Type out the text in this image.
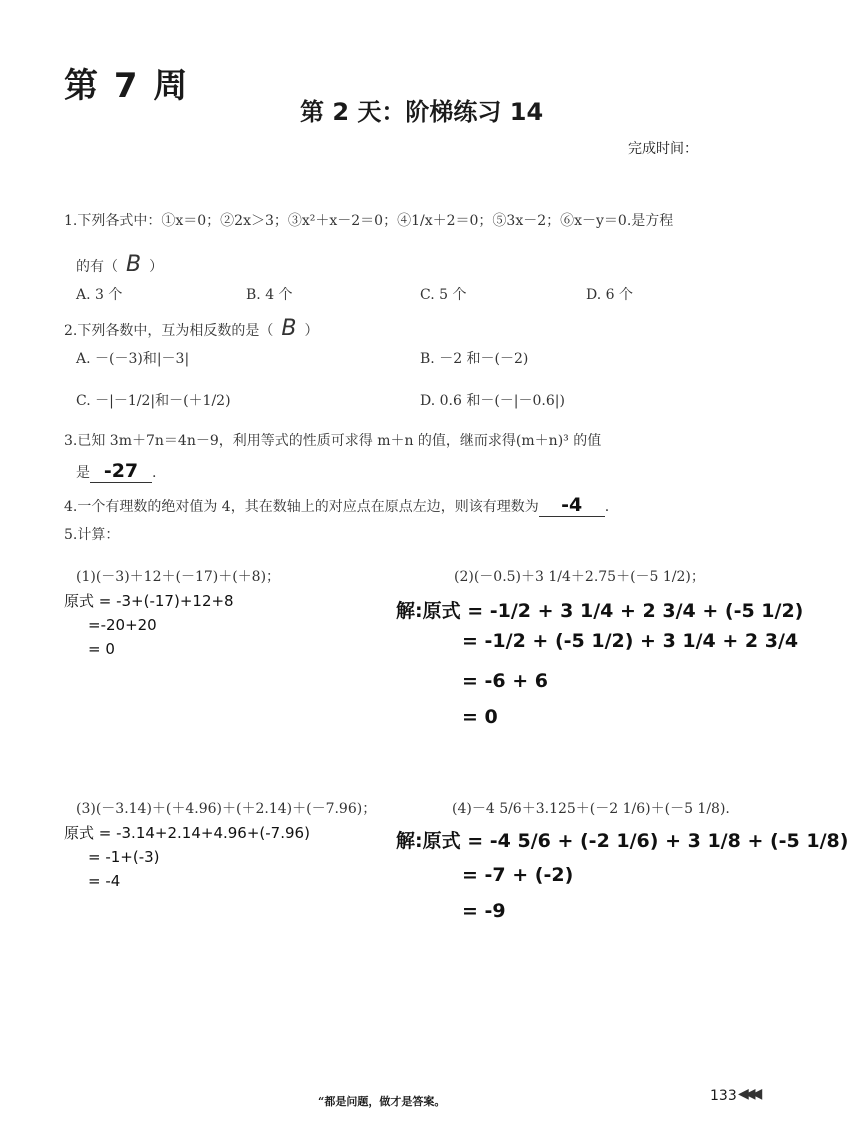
第 7 周
第 2 天：阶梯练习 14
完成时间：
1.下列各式中：①x＝0；②2x＞3；③x²＋x－2＝0；④1/x＋2＝0；⑤3x－2；⑥x－y＝0.是方程
的有（ B ）
A. 3 个	B. 4 个	C. 5 个	D. 6 个
2.下列各数中，互为相反数的是（ B ）
A. －(－3)和|－3|	B. －2 和－(－2)
C. －|－1/2|和－(＋1/2)	D. 0.6 和－(－|－0.6|)
3.已知 3m＋7n＝4n－9，利用等式的性质可求得 m＋n 的值，继而求得(m＋n)³ 的值
是 -27 .
4.一个有理数的绝对值为 4，其在数轴上的对应点在原点左边，则该有理数为 -4 .
5.计算：
(1)(－3)＋12＋(－17)＋(＋8)；
原式 = -3+(-17)+12+8
=-20+20
= 0
(2)(－0.5)＋3 1/4＋2.75＋(－5 1/2)；
解:原式 = -1/2 + 3 1/4 + 2 3/4 + (-5 1/2)
= -1/2 + (-5 1/2) + 3 1/4 + 2 3/4
= -6 + 6
= 0
(3)(－3.14)＋(＋4.96)＋(＋2.14)＋(－7.96)；
原式 = -3.14+2.14+4.96+(-7.96)
= -1+(-3)
= -4
(4)－4 5/6＋3.125＋(－2 1/6)＋(－5 1/8).
解:原式 = -4 5/6 + (-2 1/6) + 3 1/8 + (-5 1/8)
= -7 + (-2)
= -9
“都是问题，做才是答案。	133 ◀◀◀
